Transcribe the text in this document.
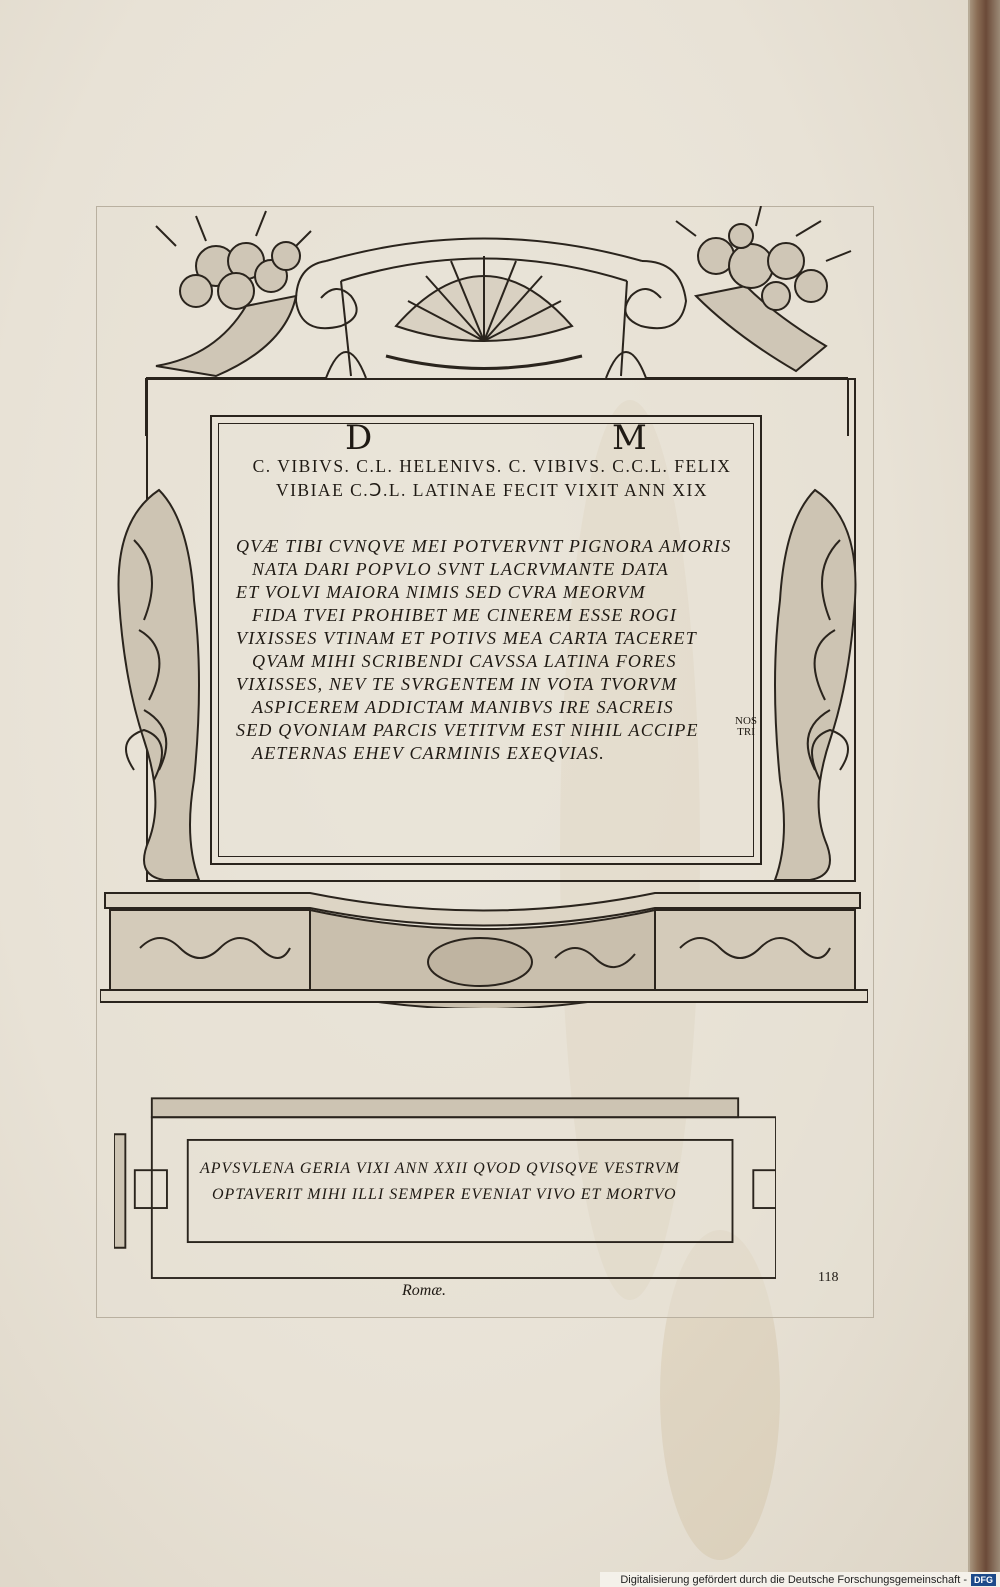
D	M
C. VIBIVS. C.L. HELENIVS. C. VIBIVS. C.C.L. FELIX
VIBIAE C.Ↄ.L. LATINAE FECIT VIXIT ANN XIX
QVÆ TIBI CVNQVE MEI POTVERVNT PIGNORA AMORIS
NATA DARI POPVLO SVNT LACRVMANTE DATA
ET VOLVI MAIORA NIMIS SED CVRA MEORVM
FIDA TVEI PROHIBET ME CINEREM ESSE ROGI
VIXISSES VTINAM ET POTIVS MEA CARTA TACERET
QVAM MIHI SCRIBENDI CAVSSA LATINA FORES
VIXISSES, NEV TE SVRGENTEM IN VOTA TVORVM
ASPICEREM ADDICTAM MANIBVS IRE SACREIS
SED QVONIAM PARCIS VETITVM EST NIHIL ACCIPE
AETERNAS EHEV CARMINIS EXEQVIAS.
NOS
TRI
APVSVLENA GERIA VIXI ANN XXII QVOD QVISQVE VESTRVM
OPTAVERIT MIHI ILLI SEMPER EVENIAT VIVO ET MORTVO
Romæ.
118
Digitalisierung gefördert durch die Deutsche Forschungsgemeinschaft - DFG
